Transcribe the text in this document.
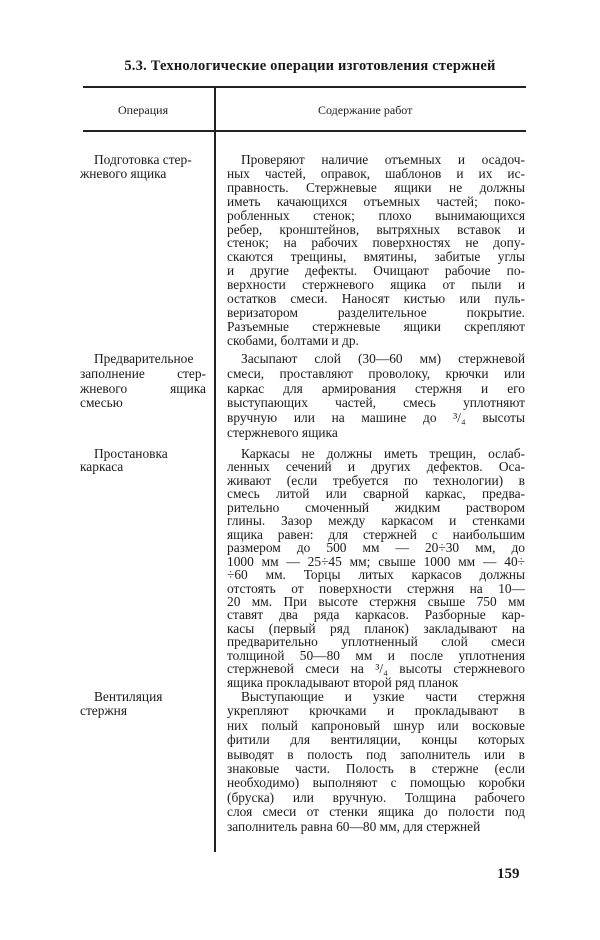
5.3. Технологические операции изготовления стержней
Операция	Содержание работ
Подготовка стер-
жневого ящика
Проверяют наличие отъемных и осадоч-
ных частей, оправок, шаблонов и их ис-
правность. Стержневые ящики не должны
иметь качающихся отъемных частей; поко-
робленных стенок; плохо вынимающихся
ребер, кронштейнов, вытряхных вставок и
стенок; на рабочих поверхностях не допу-
скаются трещины, вмятины, забитые углы
и другие дефекты. Очищают рабочие по-
верхности стержневого ящика от пыли и
остатков смеси. Наносят кистью или пуль-
веризатором разделительное покрытие.
Разъемные стержневые ящики скрепляют
скобами, болтами и др.
Предварительное
заполнение стер-
жневого ящика
смесью
Засыпают слой (30—60 мм) стержневой
смеси, проставляют проволоку, крючки или
каркас для армирования стержня и его
выступающих частей, смесь уплотняют
вручную или на машине до ³/₄ высоты
стержневого ящика
Простановка
каркаса
Каркасы не должны иметь трещин, ослаб-
ленных сечений и других дефектов. Оса-
живают (если требуется по технологии) в
смесь литой или сварной каркас, предва-
рительно смоченный жидким раствором
глины. Зазор между каркасом и стенками
ящика равен: для стержней с наибольшим
размером до 500 мм — 20÷30 мм, до
1000 мм — 25÷45 мм; свыше 1000 мм — 40÷
÷60 мм. Торцы литых каркасов должны
отстоять от поверхности стержня на 10—
20 мм. При высоте стержня свыше 750 мм
ставят два ряда каркасов. Разборные кар-
касы (первый ряд планок) закладывают на
предварительно уплотненный слой смеси
толщиной 50—80 мм и после уплотнения
стержневой смеси на ³/₄ высоты стержневого
ящика прокладывают второй ряд планок
Вентиляция
стержня
Выступающие и узкие части стержня
укрепляют крючками и прокладывают в
них полый капроновый шнур или восковые
фитили для вентиляции, концы которых
выводят в полость под заполнитель или в
знаковые части. Полость в стержне (если
необходимо) выполняют с помощью коробки
(бруска) или вручную. Толщина рабочего
слоя смеси от стенки ящика до полости под
заполнитель равна 60—80 мм, для стержней
159
